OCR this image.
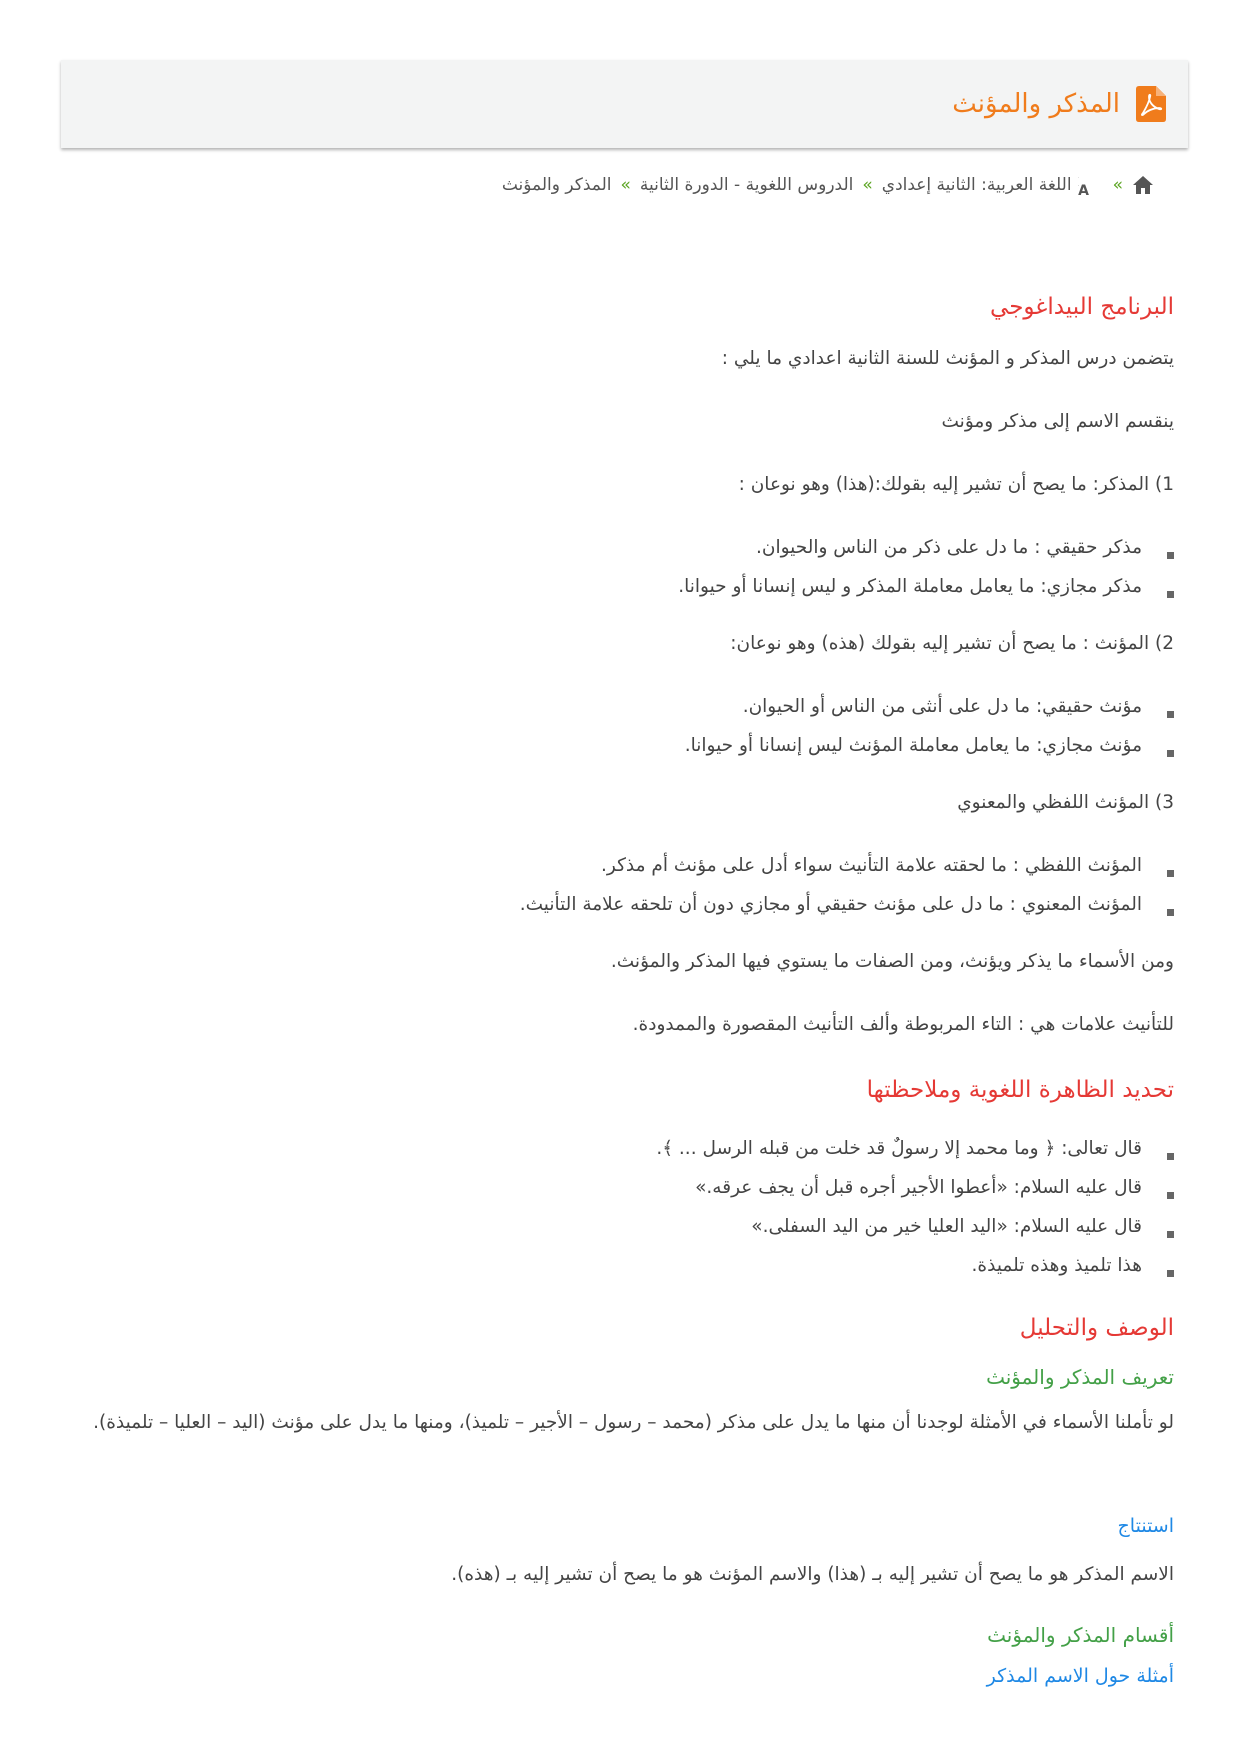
المذكر والمؤنث
»
A
اللغة العربية: الثانية إعدادي
»
الدروس اللغوية - الدورة الثانية
»
المذكر والمؤنث
البرنامج البيداغوجي

يتضمن درس المذكر و المؤنث للسنة الثانية اعدادي ما يلي :

ينقسم الاسم إلى مذكر ومؤنث

1) المذكر: ما يصح أن تشير إليه بقولك:(هذا) وهو نوعان :

مذكر حقيقي : ما دل على ذكر من الناس والحيوان.

مذكر مجازي: ما يعامل معاملة المذكر و ليس إنسانا أو حيوانا.

2) المؤنث : ما يصح أن تشير إليه بقولك (هذه) وهو نوعان:

مؤنث حقيقي: ما دل على أنثى من الناس أو الحيوان.

مؤنث مجازي: ما يعامل معاملة المؤنث ليس إنسانا أو حيوانا.

3) المؤنث اللفظي والمعنوي

المؤنث اللفظي : ما لحقته علامة التأنيث سواء أدل على مؤنث أم مذكر.

المؤنث المعنوي : ما دل على مؤنث حقيقي أو مجازي دون أن تلحقه علامة التأنيث.

ومن الأسماء ما يذكر ويؤنث، ومن الصفات ما يستوي فيها المذكر والمؤنث.

للتأنيث علامات هي : التاء المربوطة وألف التأنيث المقصورة والممدودة.

تحديد الظاهرة اللغوية وملاحظتها

قال تعالى: ﴿ وما محمد إلا رسولٌ قد خلت من قبله الرسل ... ﴾.

قال عليه السلام: «أعطوا الأجير أجره قبل أن يجف عرقه.»

قال عليه السلام: «اليد العليا خير من اليد السفلى.»

هذا تلميذ وهذه تلميذة.

الوصف والتحليل
تعريف المذكر والمؤنث

لو تأملنا الأسماء في الأمثلة لوجدنا أن منها ما يدل على مذكر (محمد – رسول – الأجير – تلميذ)، ومنها ما يدل على مؤنث (اليد – العليا – تلميذة).

استنتاج

الاسم المذكر هو ما يصح أن تشير إليه بـ (هذا) والاسم المؤنث هو ما يصح أن تشير إليه بـ (هذه).

أقسام المذكر والمؤنث
أمثلة حول الاسم المذكر
